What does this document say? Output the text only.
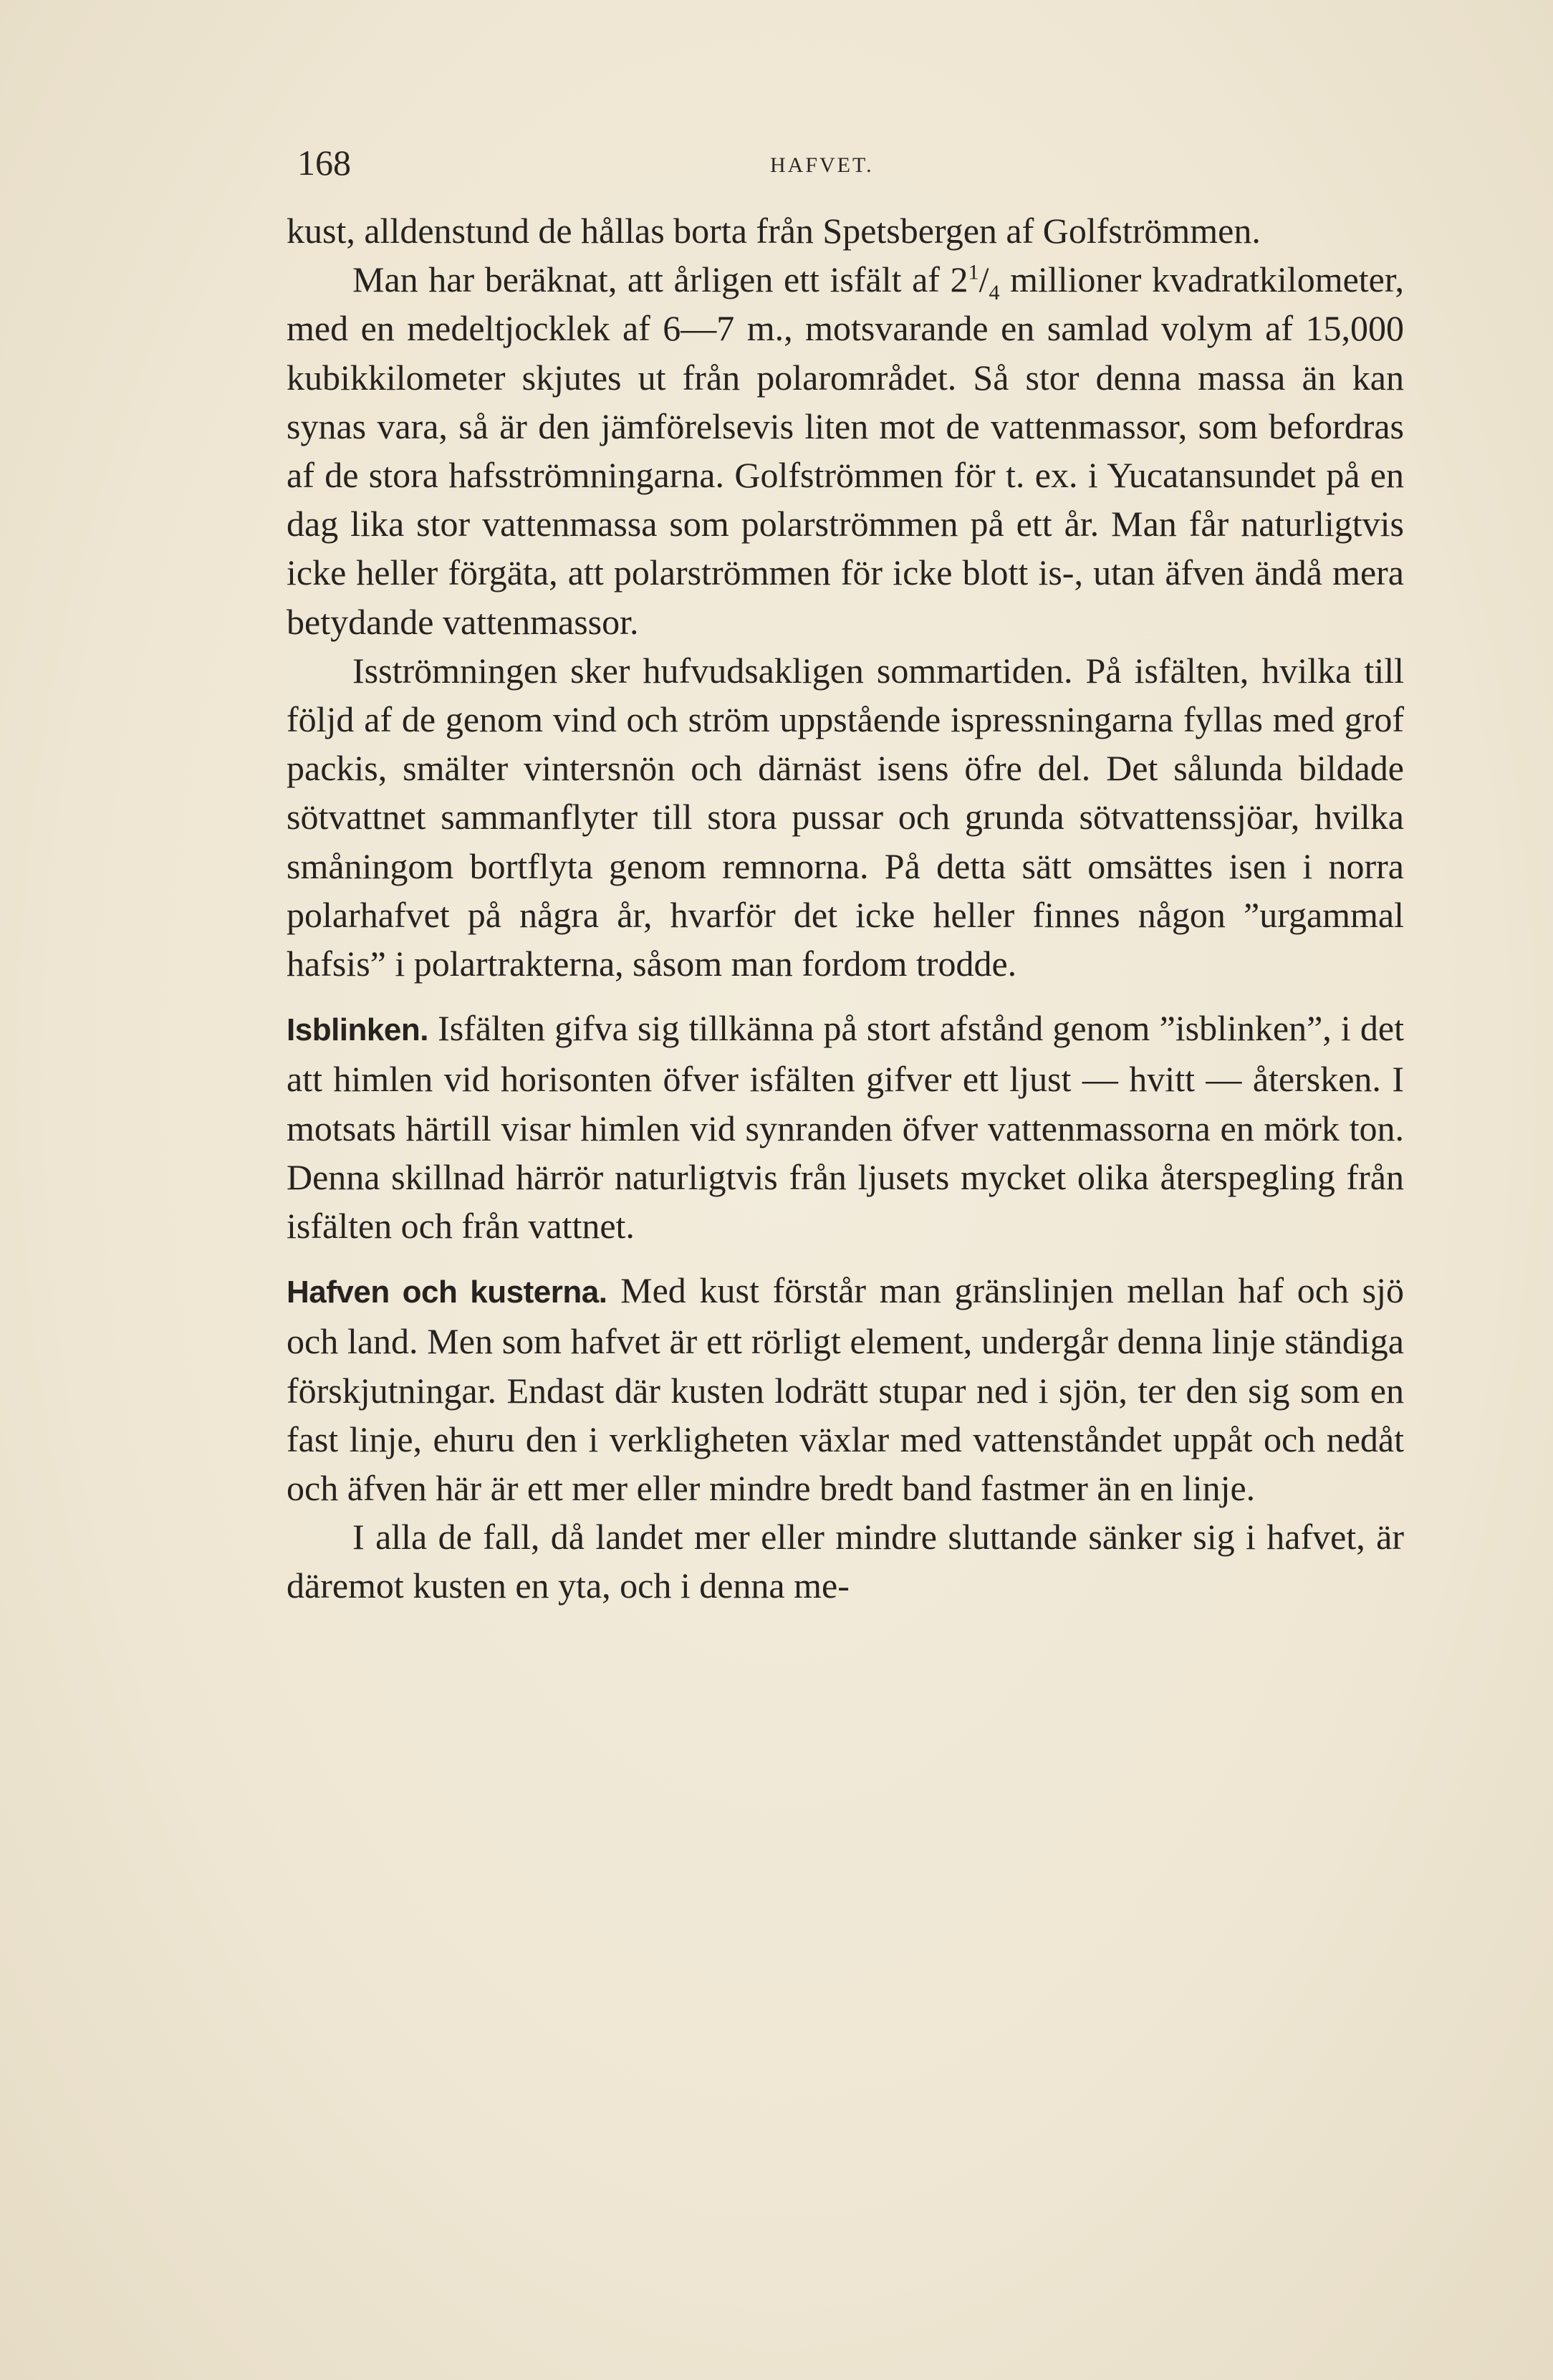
168	HAFVET.

kust, alldenstund de hållas borta från Spetsbergen af Golfströmmen.

Man har beräknat, att årligen ett isfält af $2^1/_4$ millioner kvadratkilometer, med en medeltjocklek af 6—7 m., motsvarande en samlad volym af 15,000 kubikkilometer skjutes ut från polarområdet. Så stor denna massa än kan synas vara, så är den jämförelsevis liten mot de vattenmassor, som befordras af de stora hafsströmningarna. Golfströmmen för t. ex. i Yucatansundet på en dag lika stor vattenmassa som polarströmmen på ett år. Man får naturligtvis icke heller förgäta, att polarströmmen för icke blott is-, utan äfven ändå mera betydande vattenmassor.

Isströmningen sker hufvudsakligen sommartiden. På isfälten, hvilka till följd af de genom vind och ström uppstående ispressningarna fyllas med grof packis, smälter vintersnön och därnäst isens öfre del. Det sålunda bildade sötvattnet sammanflyter till stora pussar och grunda sötvattenssjöar, hvilka småningom bortflyta genom remnorna. På detta sätt omsättes isen i norra polarhafvet på några år, hvarför det icke heller finnes någon ”urgammal hafsis” i polartrakterna, såsom man fordom trodde.

Isblinken. Isfälten gifva sig tillkänna på stort afstånd genom ”isblinken”, i det att himlen vid horisonten öfver isfälten gifver ett ljust — hvitt — återsken. I motsats härtill visar himlen vid synranden öfver vattenmassorna en mörk ton. Denna skillnad härrör naturligtvis från ljusets mycket olika återspegling från isfälten och från vattnet.

Hafven och kusterna. Med kust förstår man gränslinjen mellan haf och sjö och land. Men som hafvet är ett rörligt element, undergår denna linje ständiga förskjutningar. Endast där kusten lodrätt stupar ned i sjön, ter den sig som en fast linje, ehuru den i verkligheten växlar med vattenståndet uppåt och nedåt och äfven här är ett mer eller mindre bredt band fastmer än en linje.

I alla de fall, då landet mer eller mindre sluttande sänker sig i hafvet, är däremot kusten en yta, och i denna me-
